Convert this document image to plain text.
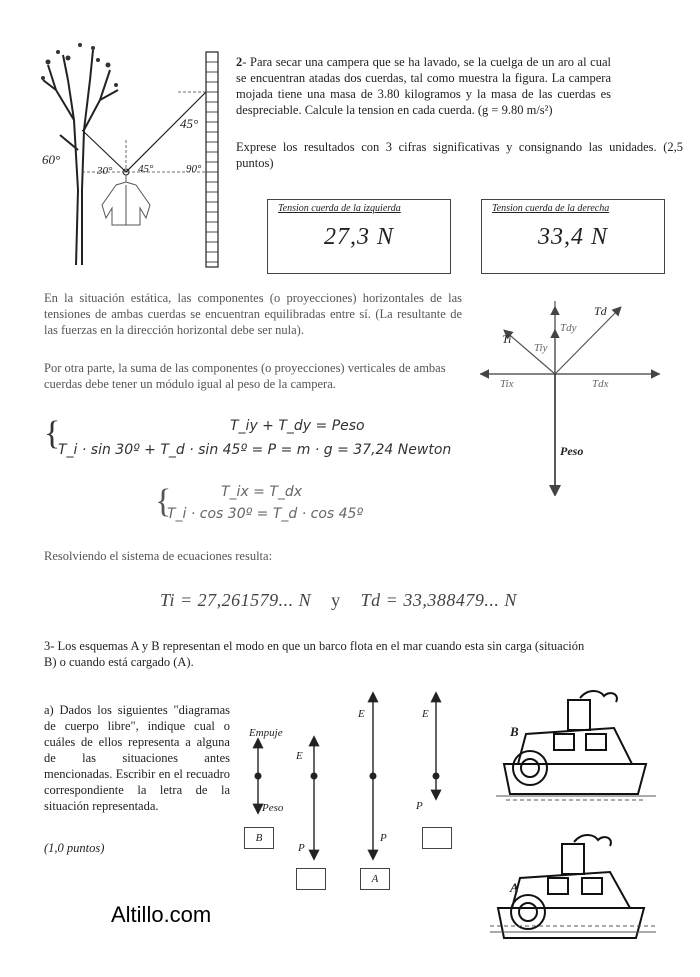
45°
60°
30° 45°	90°
2- Para secar una campera que se ha lavado, se la cuelga de un aro al cual se encuentran atadas dos cuerdas, tal como muestra la figura. La campera mojada tiene una masa de 3.80 kilogramos y la masa de las cuerdas es despreciable. Calcule la tension en cada cuerda. (g = 9.80 m/s²)
Exprese los resultados con 3 cifras significativas y consignando las unidades. (2,5 puntos)
Tension cuerda de la izquierda
27,3 N
Tension cuerda de la derecha
33,4 N
En la situación estática, las componentes (o proyecciones) horizontales de las tensiones de ambas cuerdas se encuentran equilibradas entre sí. (La resultante de las fuerzas en la dirección horizontal debe ser nula).
Por otra parte, la suma de las componentes (o proyecciones) verticales de ambas cuerdas debe tener un módulo igual al peso de la campera.
Td
Tdy
Ti
Tiy
Tix	Tdx
Peso
{	T_iy + T_dy = Peso
T_i · sin 30º + T_d · sin 45º = P = m · g = 37,24 Newton
{	T_ix = T_dx
T_i · cos 30º = T_d · cos 45º
Resolviendo el sistema de ecuaciones resulta:
Ti = 27,261579... N y Td = 33,388479... N
3- Los esquemas A y B representan el modo en que un barco flota en el mar cuando esta sin carga (situación B) o cuando está cargado (A).
a) Dados los siguientes "diagramas de cuerpo libre", indique cual o cuáles de ellos representa a alguna de las situaciones antes mencionadas. Escribir en el recuadro correspondiente la letra de la situación representada.
(1,0 puntos)
Empuje
Peso
B
E
P
E
P
A
E
P
B
A
Altillo.com
